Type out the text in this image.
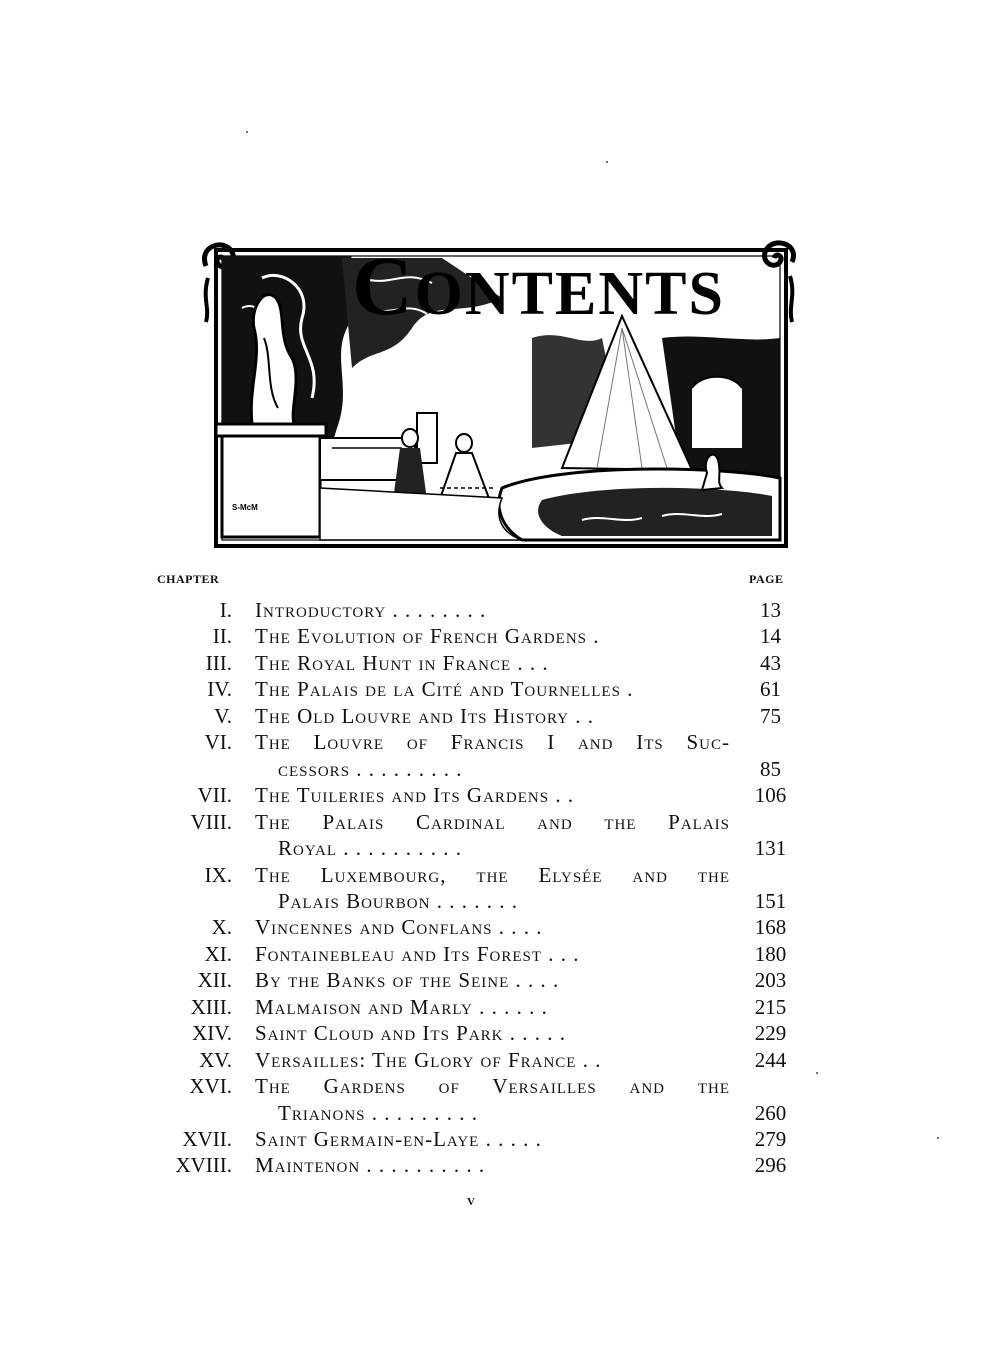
S-McM
CONTENTS
CHAPTER	PAGE
I. Introductory . . . . . . . .	13
II. The Evolution of French Gardens .	14
III. The Royal Hunt in France . . .	43
IV. The Palais de la Cité and Tournelles .	61
V. The Old Louvre and Its History . .	75
VI. The Louvre of Francis I and Its Suc-
cessors . . . . . . . . .	85
VII. The Tuileries and Its Gardens . .	106
VIII. The Palais Cardinal and the Palais
Royal . . . . . . . . . .	131
IX. The Luxembourg, the Elysée and the
Palais Bourbon . . . . . . .	151
X. Vincennes and Conflans . . . .	168
XI. Fontainebleau and Its Forest . . .	180
XII. By the Banks of the Seine . . . .	203
XIII. Malmaison and Marly . . . . . .	215
XIV. Saint Cloud and Its Park . . . . .	229
XV. Versailles: The Glory of France . .	244
XVI. The Gardens of Versailles and the
Trianons . . . . . . . . .	260
XVII. Saint Germain-en-Laye . . . . .	279
XVIII. Maintenon . . . . . . . . . .	296
v
